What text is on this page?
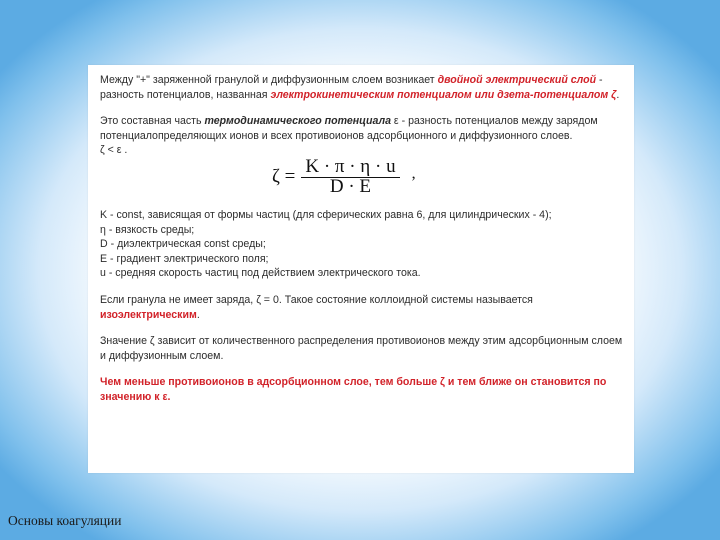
Между "+" заряженной гранулой и диффузионным слоем возникает двойной электрический слой - разность потенциалов, названная электрокинетическим потенциалом или дзета-потенциалом ζ.

Это составная часть термодинамического потенциала ε - разность потенциалов между зарядом потенциалопределяющих ионов и всех противоионов адсорбционного и диффузионного слоев.
ζ < ε .

$\zeta = \frac{K \cdot \pi \cdot \eta \cdot u}{D \cdot E}$ ,

K - const, зависящая от формы частиц (для сферических равна 6, для цилиндрических - 4);
η - вязкость среды;
D - диэлектрическая const среды;
E - градиент электрического поля;
u - средняя скорость частиц под действием электрического тока.

Если гранула не имеет заряда, ζ = 0. Такое состояние коллоидной системы называется изоэлектрическим.

Значение ζ зависит от количественного распределения противоионов между этим адсорбционным слоем и диффузионным слоем.

Чем меньше противоионов в адсорбционном слое, тем больше ζ и тем ближе он становится по значению к ε.

Основы коагуляции
